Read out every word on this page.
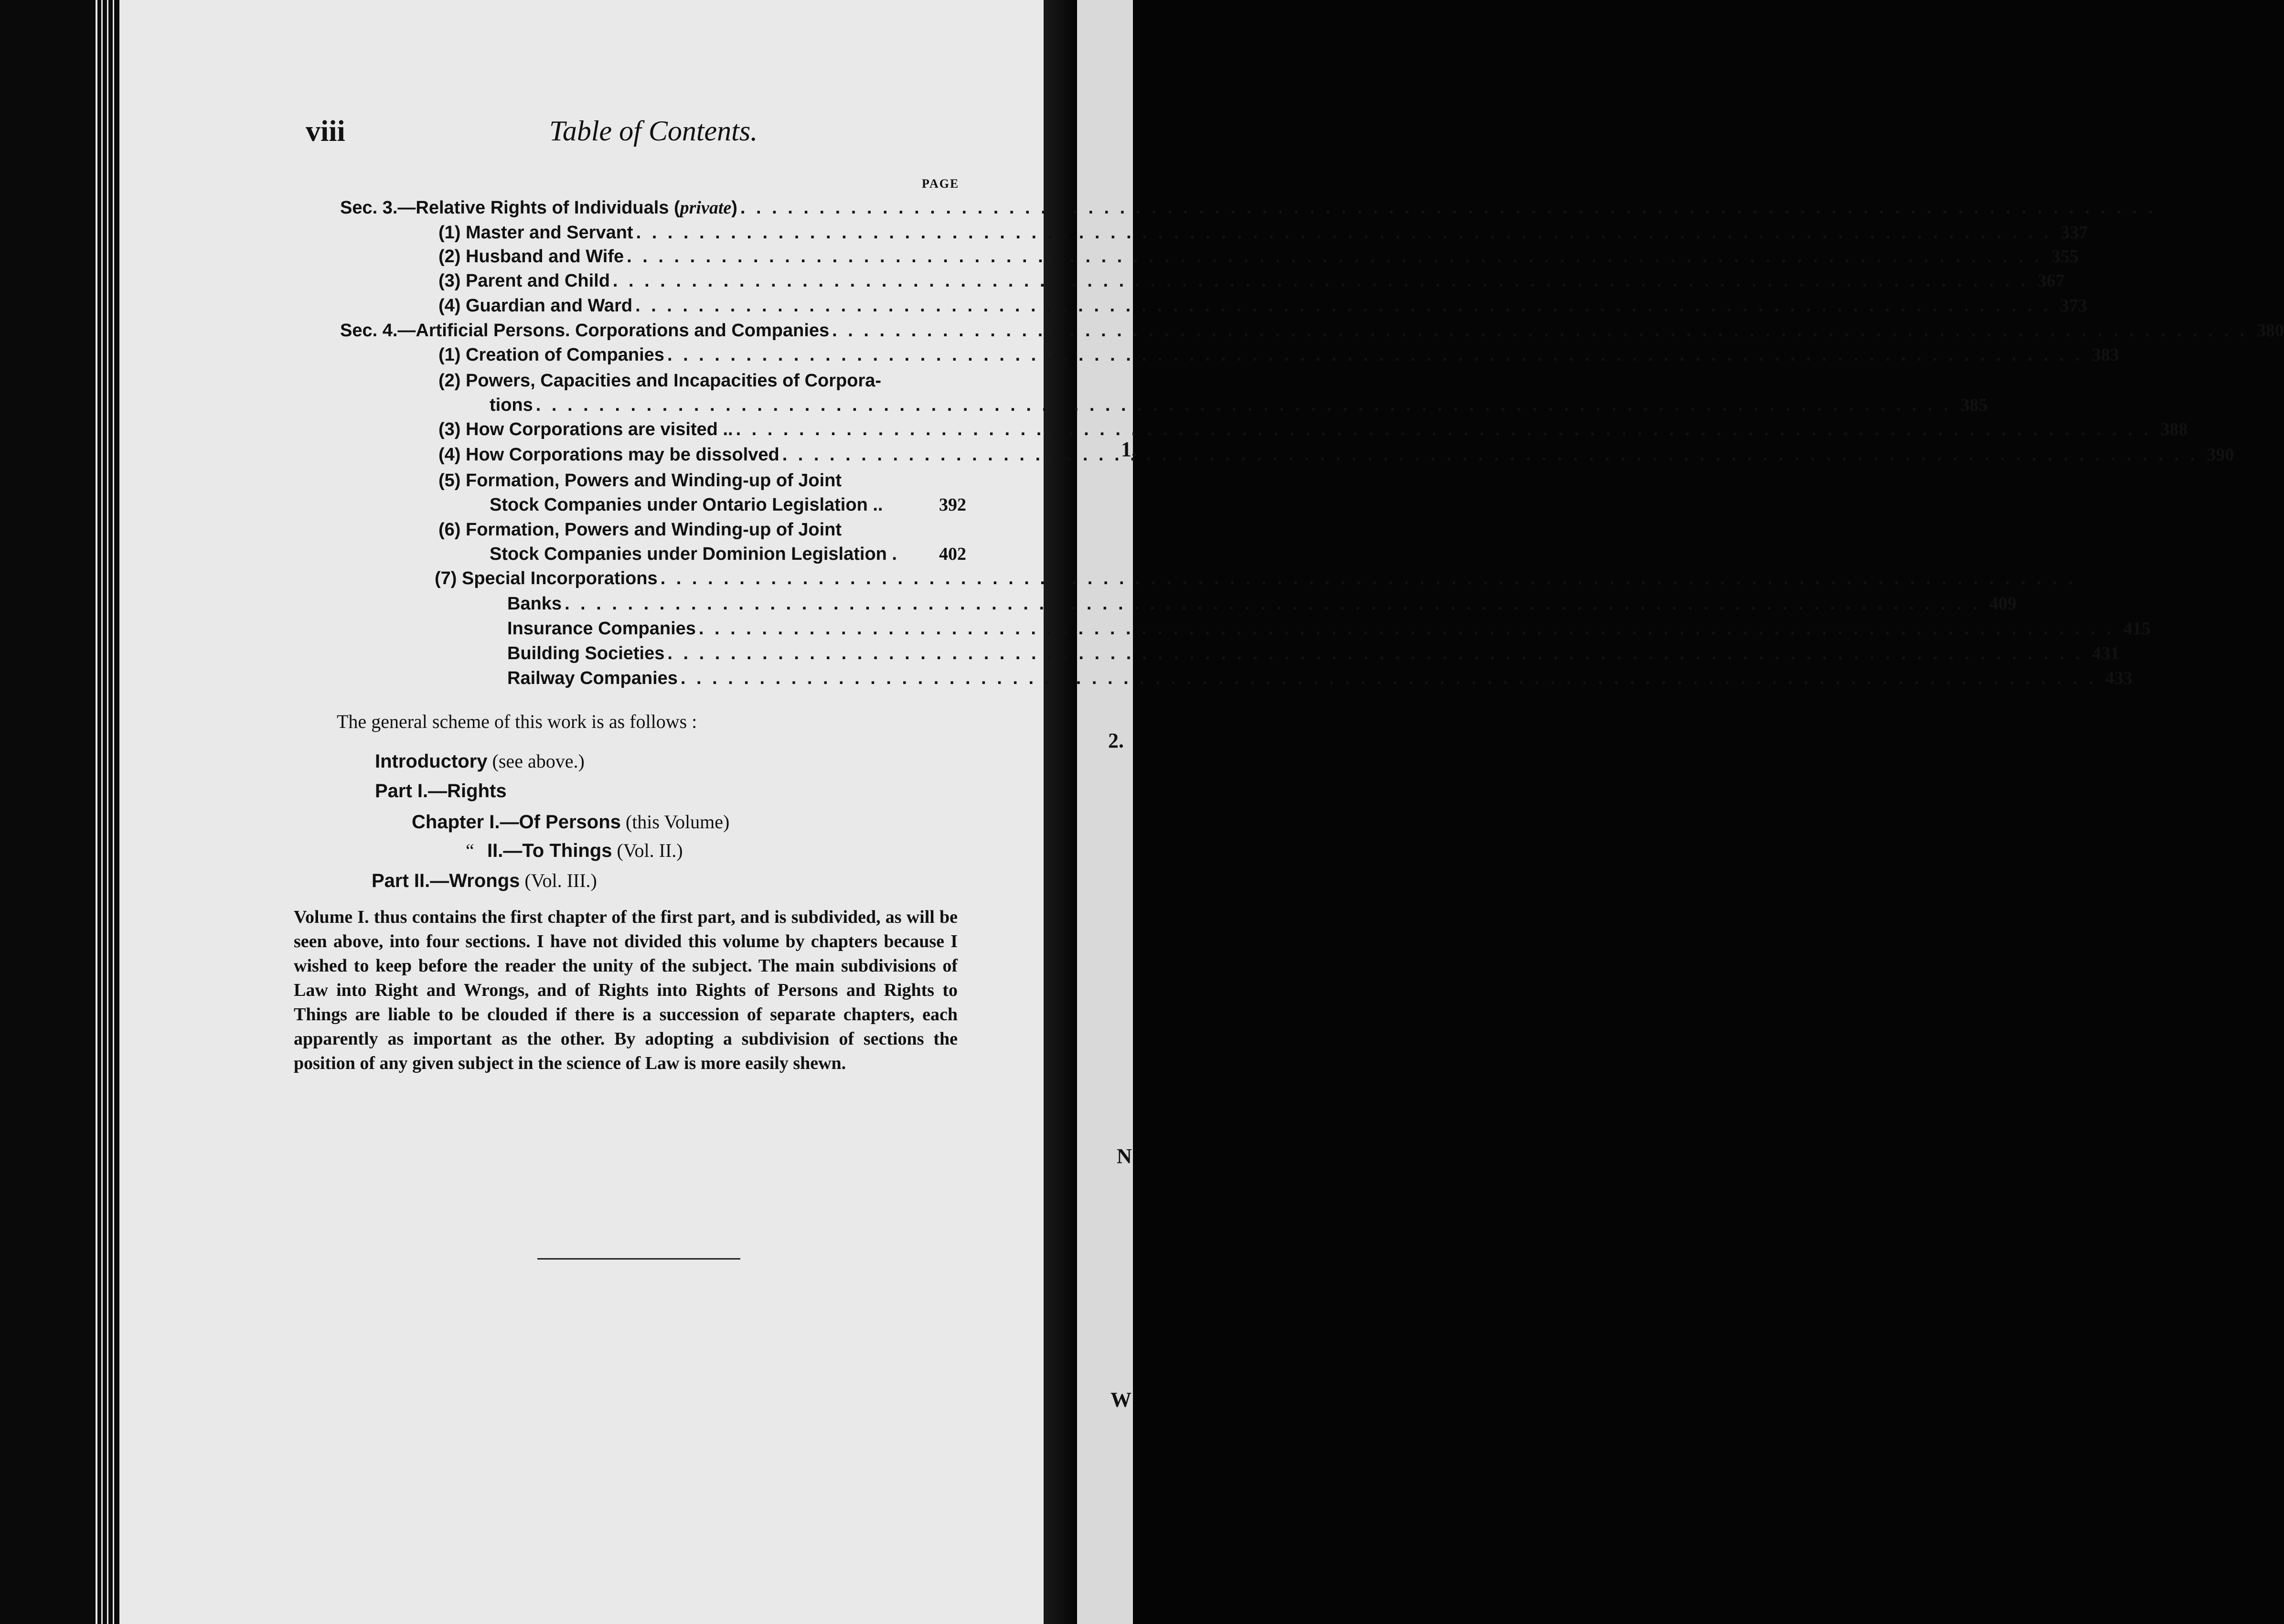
1.
2.
N
W
viii	Table of Contents.
PAGE
Sec. 3.—Relative Rights of Individuals (private)
. . .
(1) Master and Servant . . .	337
(2) Husband and Wife . . .	355
(3) Parent and Child . . .	367
(4) Guardian and Ward . . .	373
Sec. 4.—Artificial Persons. Corporations and Companies . . .	380
(1) Creation of Companies . . .	383
(2) Powers, Capacities and Incapacities of Corpora-
tions . . .	385
(3) How Corporations are visited .. . . .	388
(4) How Corporations may be dissolved . . .	390
(5) Formation, Powers and Winding-up of Joint
Stock Companies under Ontario Legislation ..	392
(6) Formation, Powers and Winding-up of Joint
Stock Companies under Dominion Legislation .	402
(7) Special Incorporations
. . .
Banks . . .	409
Insurance Companies . . .	415
Building Societies . . .	431
Railway Companies . . .	433
The general scheme of this work is as follows :
Introductory (see above.)
Part I.—Rights
Chapter I.—Of Persons (this Volume)
“ II.—To Things (Vol. II.)
Part II.—Wrongs (Vol. III.)
Volume I. thus contains the first chapter of the first part, and is subdivided, as will be seen above, into four sections. I have not divided this volume by chapters because I wished to keep before the reader the unity of the subject. The main subdivisions of Law into Right and Wrongs, and of Rights into Rights of Persons and Rights to Things are liable to be clouded if there is a succession of separate chapters, each apparently as important as the other. By adopting a subdivision of sections the position of any given subject in the science of Law is more easily shewn.
